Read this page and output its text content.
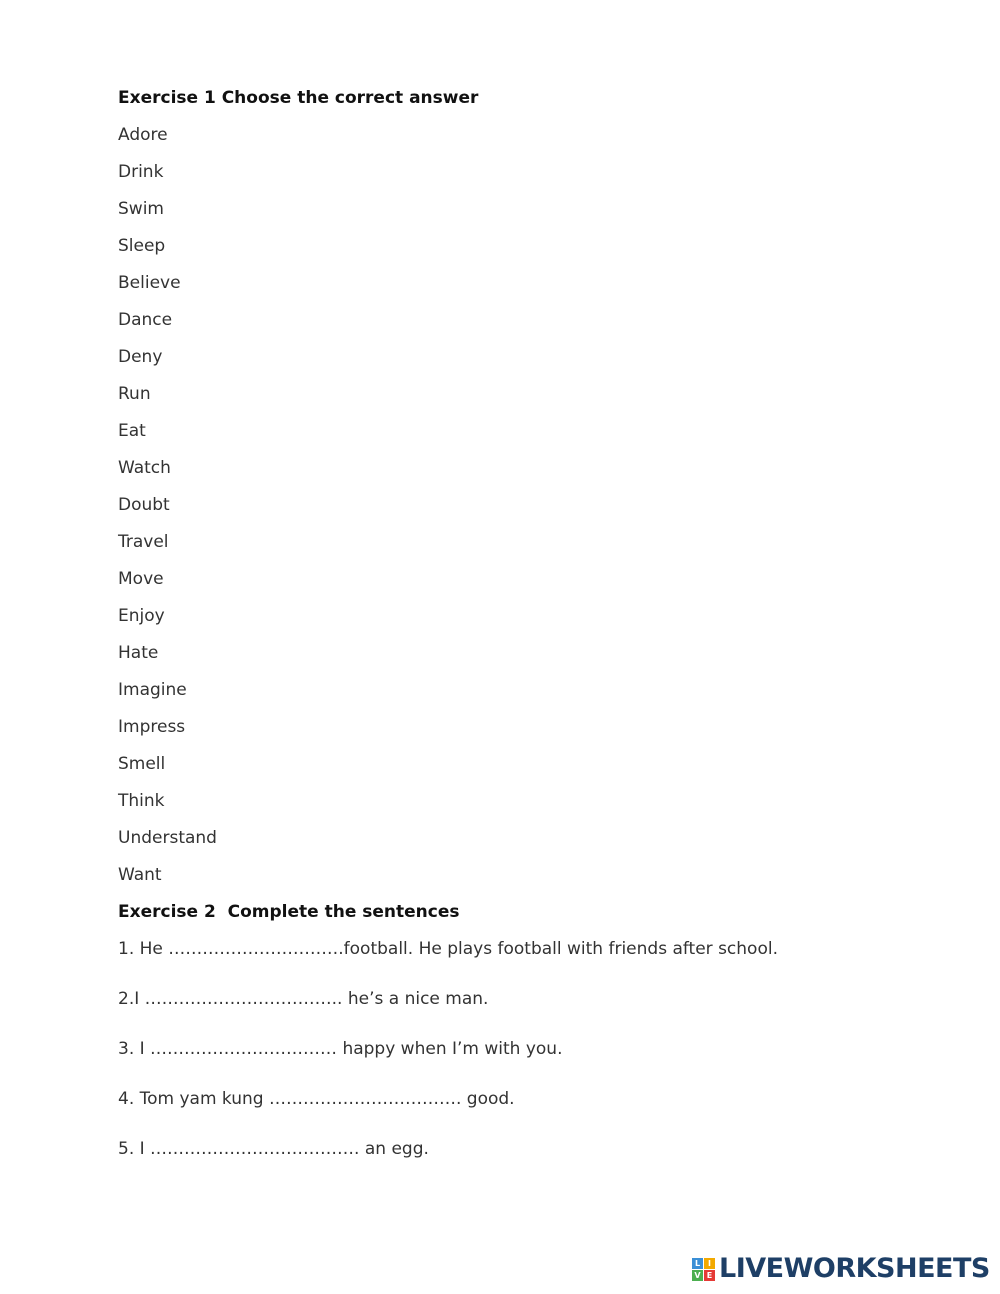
Exercise 1 Choose the correct answer
Adore
Drink
Swim
Sleep
Believe
Dance
Deny
Run
Eat
Watch
Doubt
Travel
Move
Enjoy
Hate
Imagine
Impress
Smell
Think
Understand
Want
Exercise 2  Complete the sentences
1. He ………………………….football. He plays football with friends after school.
2.I …………………………….. he’s a nice man.
3. I …………………………… happy when I’m with you.
4. Tom yam kung ……………………………. good.
5. I ………………………………. an egg.
L I
V E LIVEWORKSHEETS
